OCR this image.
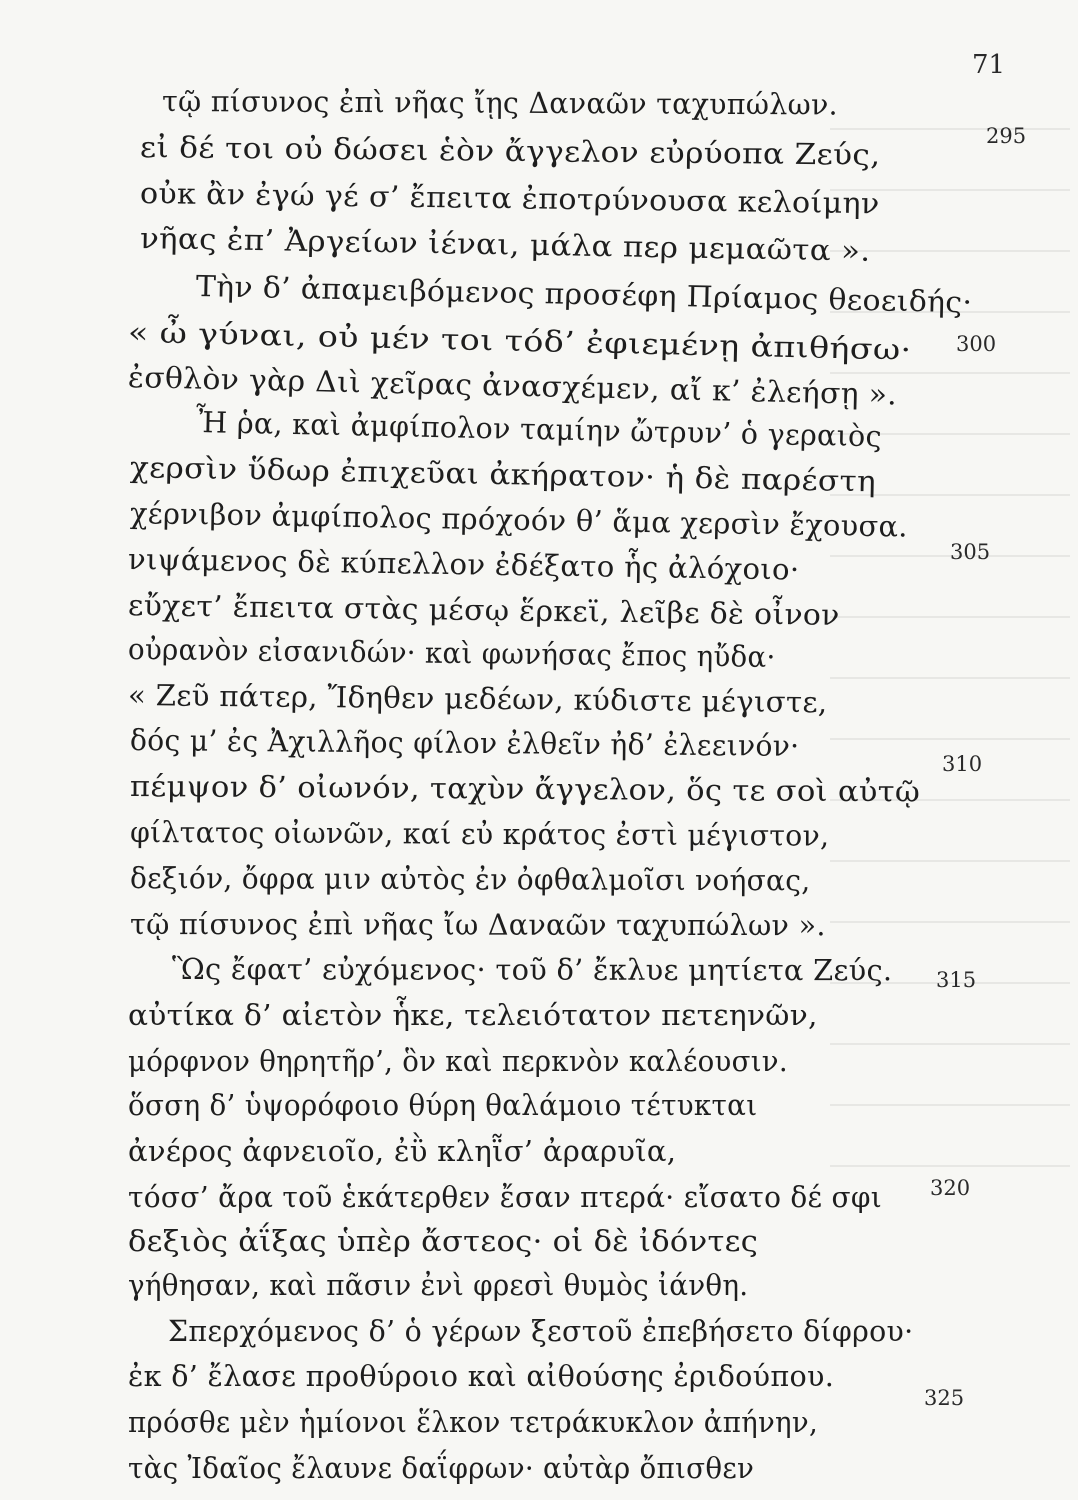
71
τῷ πίσυνος ἐπὶ νῆας ἴῃς Δαναῶν ταχυπώλων.
295
εἰ δέ τοι οὐ δώσει ἑὸν ἄγγελον εὐρύοπα Ζεύς,
οὐκ ἂν ἐγώ γέ σ’ ἔπειτα ἐποτρύνουσα κελοίμην
νῆας ἐπ’ Ἀργείων ἰέναι, μάλα περ μεμαῶτα ».
Τὴν δ’ ἀπαμειβόμενος προσέφη Πρίαμος θεοειδής·
« ὦ γύναι, οὐ μέν τοι τόδ’ ἐφιεμένῃ ἀπιθήσω· 300
ἐσθλὸν γὰρ Διὶ χεῖρας ἀνασχέμεν, αἴ κ’ ἐλεήσῃ ».
Ἦ ῥα, καὶ ἀμφίπολον ταμίην ὤτρυν’ ὁ γεραιὸς
χερσὶν ὕδωρ ἐπιχεῦαι ἀκήρατον· ἡ δὲ παρέστη
χέρνιβον ἀμφίπολος πρόχοόν θ’ ἅμα χερσὶν ἔχουσα.
νιψάμενος δὲ κύπελλον ἐδέξατο ἧς ἀλόχοιο·	305
εὔχετ’ ἔπειτα στὰς μέσῳ ἕρκεϊ, λεῖβε δὲ οἶνον
οὐρανὸν εἰσανιδών· καὶ φωνήσας ἔπος ηὔδα·
« Ζεῦ πάτερ, Ἴδηθεν μεδέων, κύδιστε μέγιστε,
δός μ’ ἐς Ἀχιλλῆος φίλον ἐλθεῖν ἠδ’ ἐλεεινόν·
πέμψον δ’ οἰωνόν, ταχὺν ἄγγελον, ὅς τε σοὶ αὐτῷ
310
φίλτατος οἰωνῶν, καί εὐ κράτος ἐστὶ μέγιστον,
δεξιόν, ὄφρα μιν αὐτὸς ἐν ὀφθαλμοῖσι νοήσας,
τῷ πίσυνος ἐπὶ νῆας ἴω Δαναῶν ταχυπώλων ».
Ὣς ἔφατ’ εὐχόμενος· τοῦ δ’ ἔκλυε μητίετα Ζεύς.
αὐτίκα δ’ αἰετὸν ἧκε, τελειότατον πετεηνῶν,
315
μόρφνον θηρητῆρ’, ὃν καὶ περκνὸν καλέουσιν.
ὅσση δ’ ὑψορόφοιο θύρη θαλάμοιο τέτυκται
ἀνέρος ἀφνειοῖο, ἐῢ κληῗσ’ ἀραρυῖα,
τόσσ’ ἄρα τοῦ ἑκάτερθεν ἔσαν πτερά· εἴσατο δέ σφι
δεξιὸς ἀΐξας ὑπὲρ ἄστεος· οἱ δὲ ἰδόντες
320
γήθησαν, καὶ πᾶσιν ἐνὶ φρεσὶ θυμὸς ἰάνθη.
Σπερχόμενος δ’ ὁ γέρων ξεστοῦ ἐπεβήσετο δίφρου·
ἐκ δ’ ἔλασε προθύροιο καὶ αἰθούσης ἐριδούπου.
πρόσθε μὲν ἡμίονοι ἕλκον τετράκυκλον ἀπήνην,
τὰς Ἰδαῖος ἔλαυνε δαΐφρων· αὐτὰρ ὄπισθεν
325
